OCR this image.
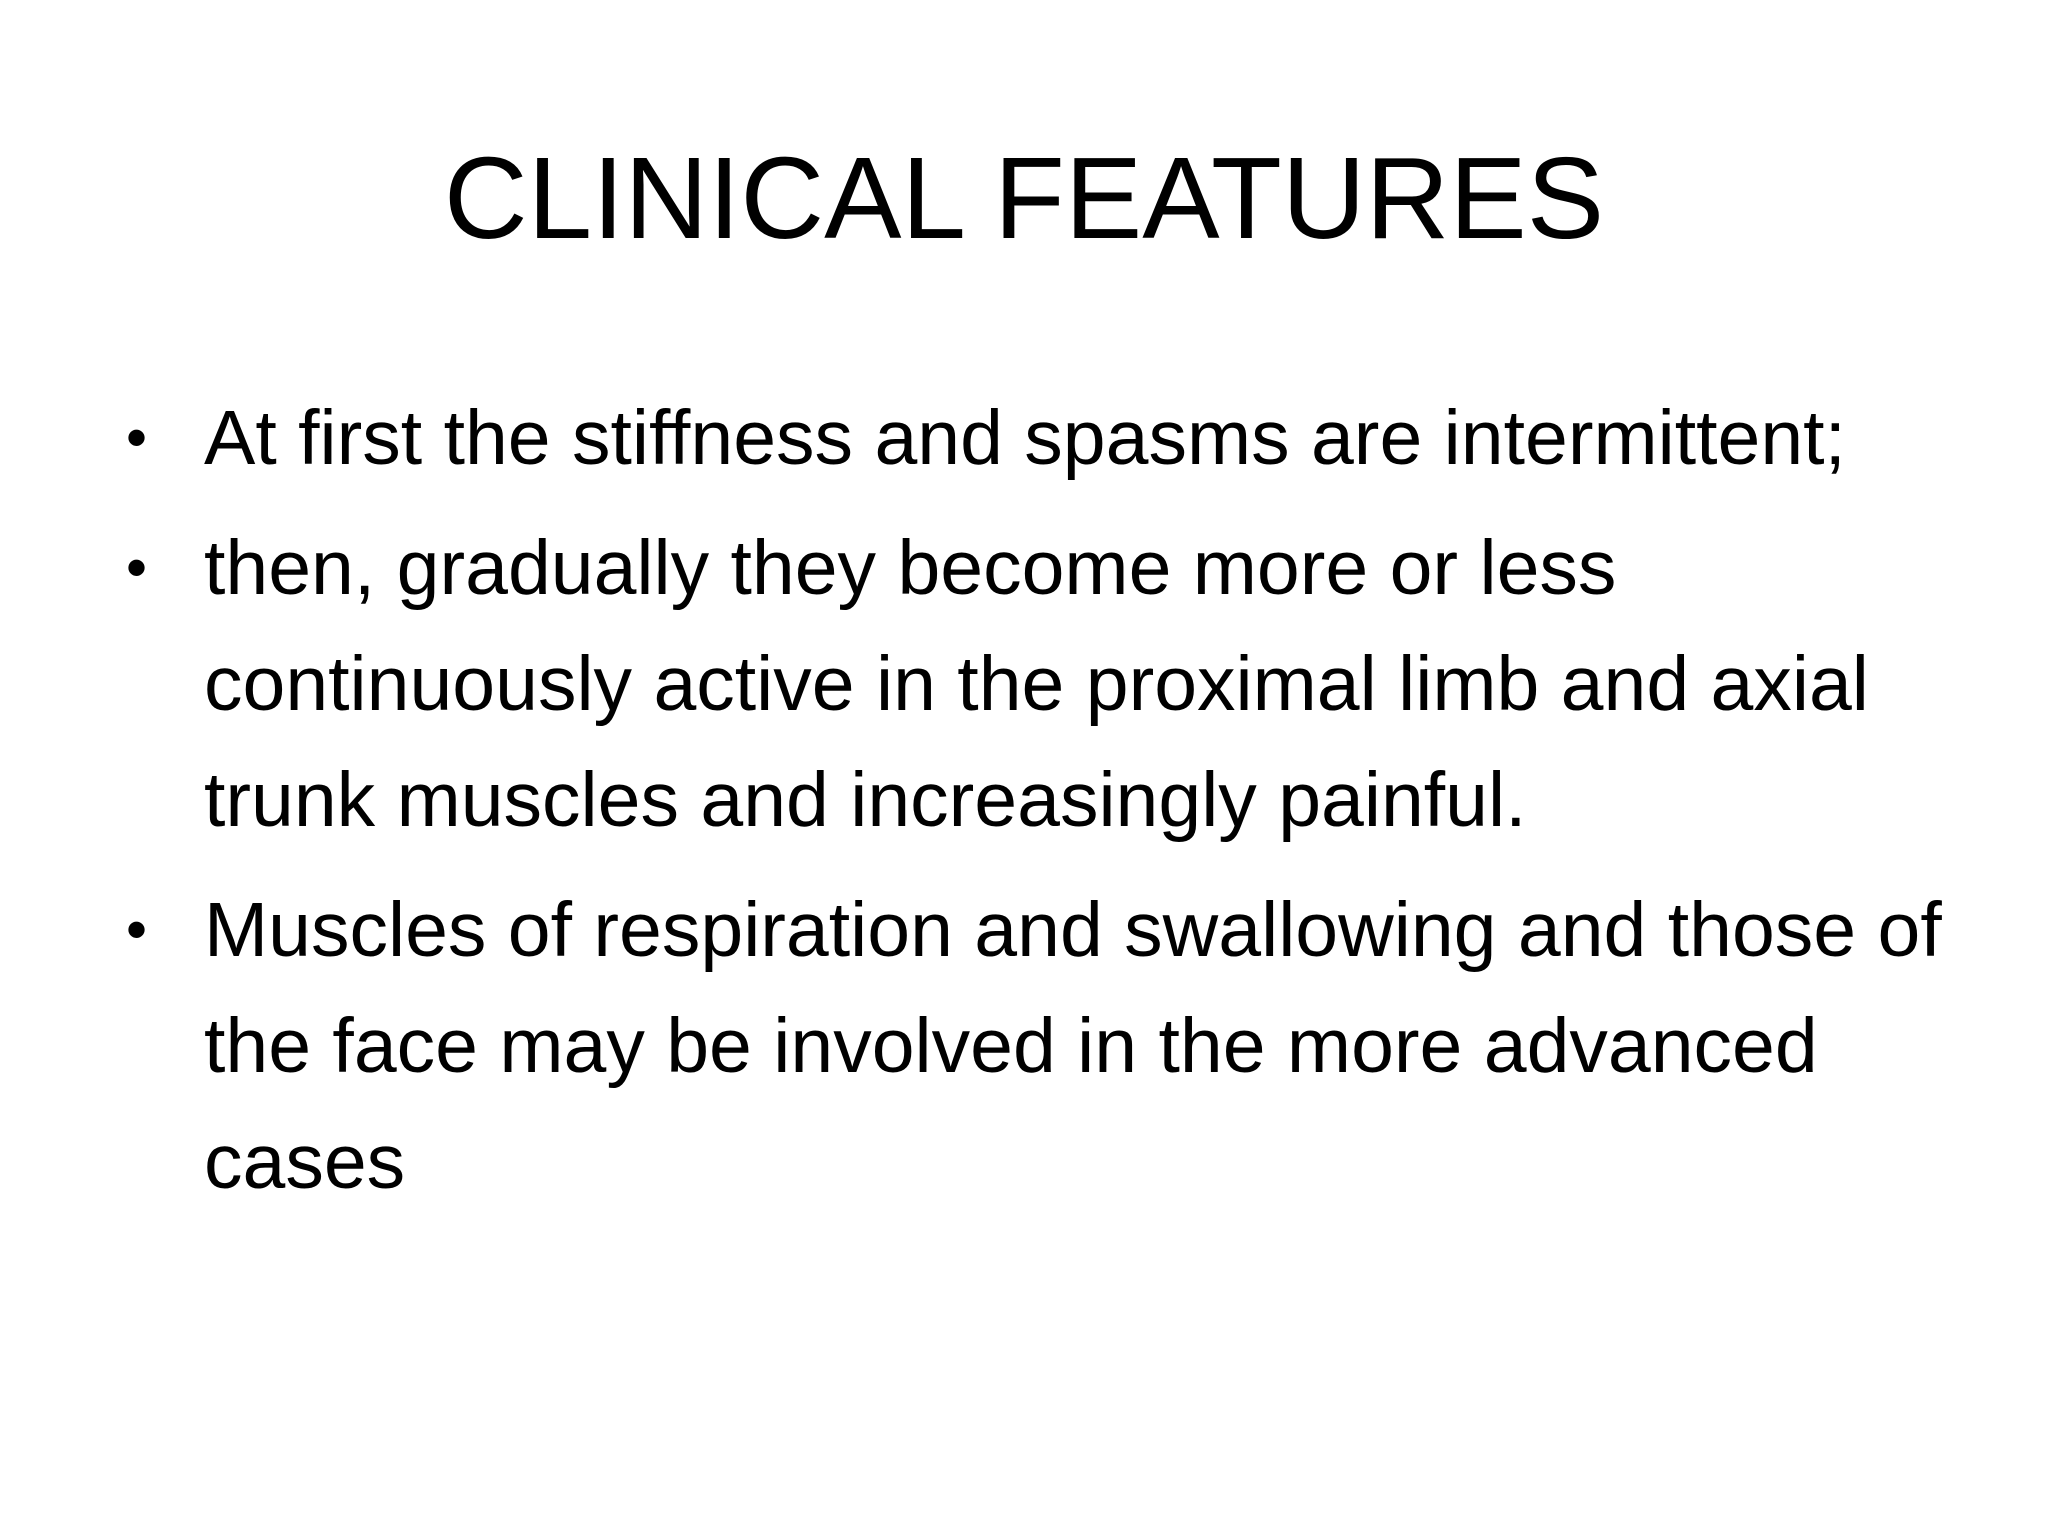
CLINICAL FEATURES
• At first the stiffness and spasms are intermittent;
• then, gradually they become more or less continuously active in the proximal limb and axial trunk muscles and increasingly painful.
• Muscles of respiration and swallowing and those of the face may be involved in the more advanced cases
